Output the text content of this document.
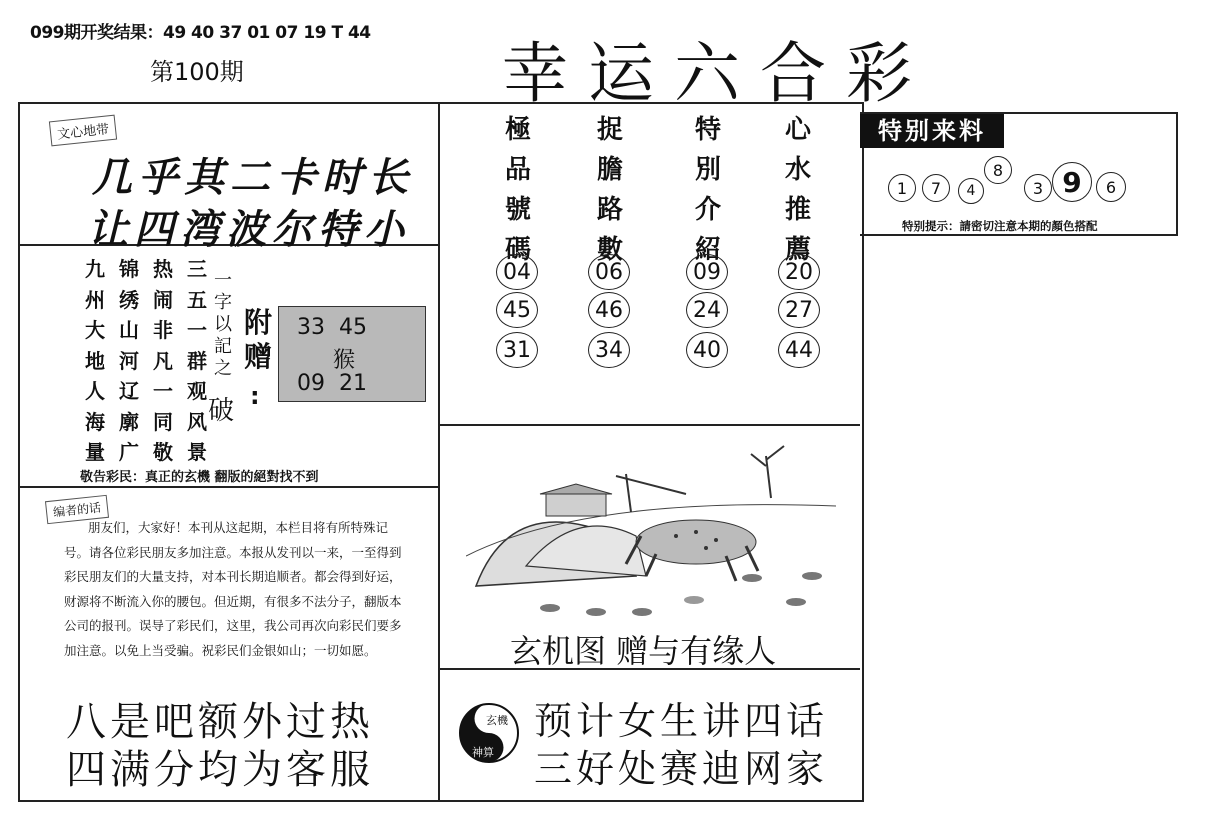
099期开奖结果：49 40 37 01 07 19 T 44
第100期	幸运六合彩
文心地带
几乎其二卡时长
让四湾波尔特小
九州大地人海量
锦绣山河辽廓广
热闹非凡一同敬
三五一群观风景
一字以記之
破
附赠
:
33  45
猴
09  21
敬告彩民：真正的玄機 翻版的絕對找不到
極品號碼
捉膽路數
特別介紹
心水推薦
04	06	09	20
45	46	24	27
31	34	40	44
编者的话
朋友们，大家好！本刊从这起期，本栏目将有所特殊记号。请各位彩民朋友多加注意。本报从发刊以一来，一至得到彩民朋友们的大量支持，对本刊长期追顺者。都会得到好运，财源将不断流入你的腰包。但近期，有很多不法分子，翻版本公司的报刊。误导了彩民们，这里，我公司再次向彩民们要多加注意。以免上当受骗。祝彩民们金银如山；一切如愿。
八是吧额外过热
四满分均为客服
玄机图 赠与有缘人
玄機
神算
预计女生讲四话
三好处赛迪网家
特别来料
1	7	4
8
3 9	6
特别提示：請密切注意本期的顏色搭配
